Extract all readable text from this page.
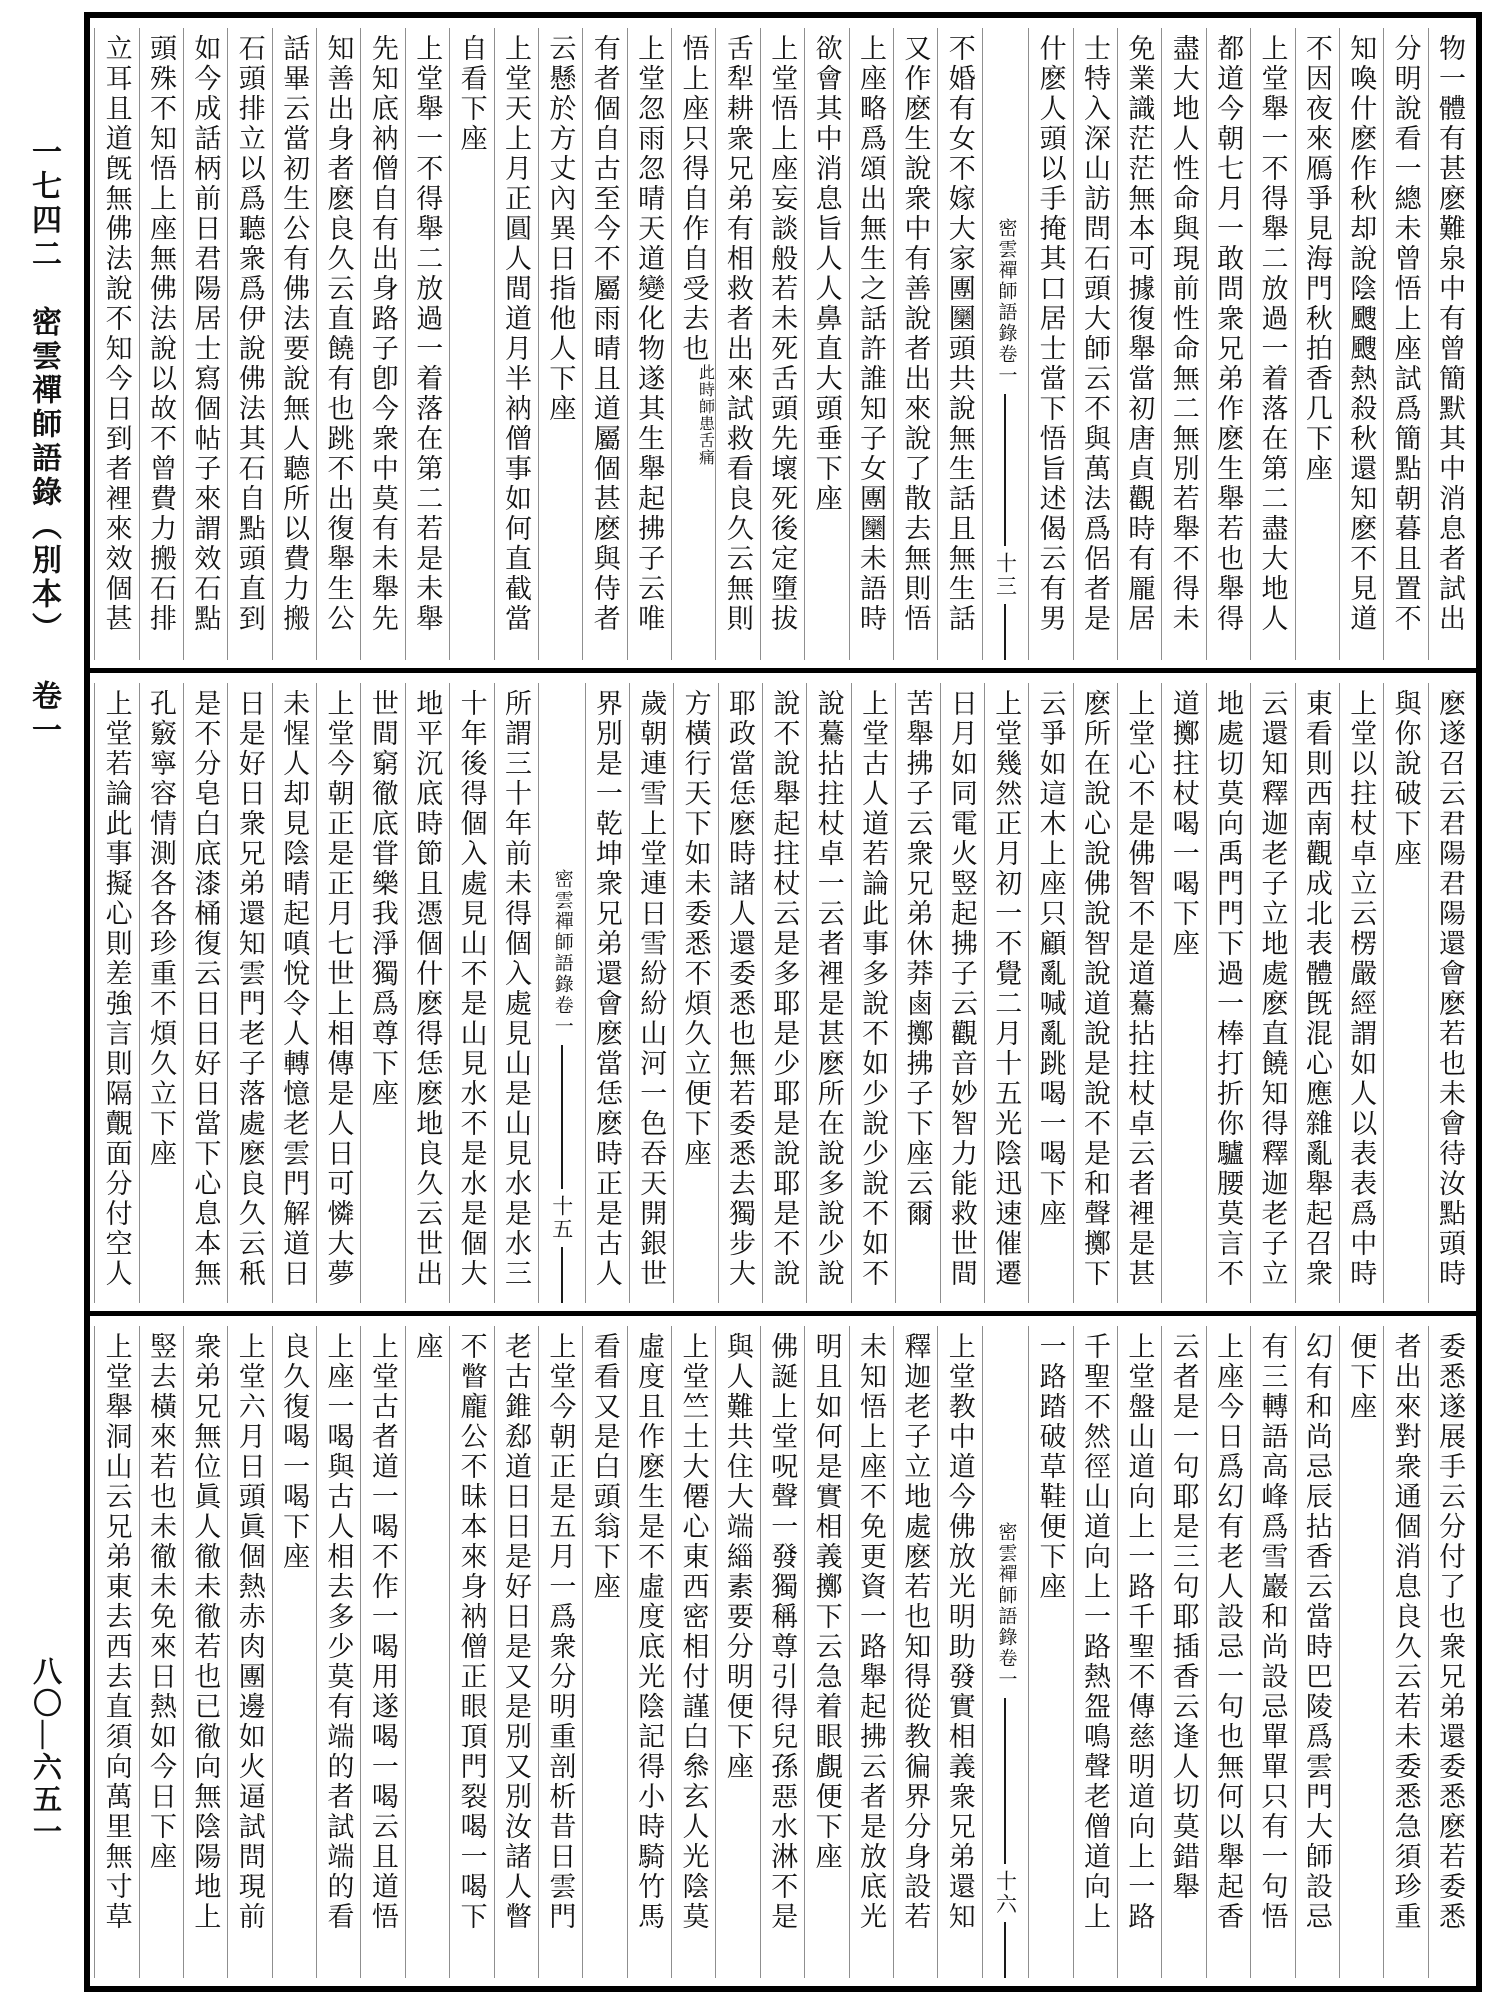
一七四二密雲禪師語錄（別本）卷一
八〇—六五一
物一體有甚麽難泉中有曾簡默其中消息者試出
分明說看一總未曾悟上座試爲簡點朝暮且置不
知喚什麽作秋却說陰颼颼熱殺秋還知麽不見道
不因夜來鴈爭見海門秋拍香几下座
上堂舉一不得舉二放過一着落在第二盡大地人
都道今朝七月一敢問衆兄弟作麽生舉若也舉得
盡大地人性命與現前性命無二無別若舉不得未
免業識茫茫無本可據復舉當初唐貞觀時有龎居
士特入深山訪問石頭大師云不與萬法爲侶者是
什麽人頭以手掩其口居士當下悟旨述偈云有男
密雲禪師語錄卷一
十三
不婚有女不嫁大家團圞頭共說無生話且無生話
又作麽生說衆中有善說者出來說了散去無則悟
上座略爲頌出無生之話許誰知子女團圞未語時
欲會其中消息旨人人鼻直大頭垂下座
上堂悟上座妄談般若未死舌頭先壞死後定墮拔
舌犁耕衆兄弟有相救者出來試救看良久云無則
悟上座只得自作自受去也此時師患舌痛
上堂忽雨忽晴天道變化物遂其生舉起拂子云唯
有者個自古至今不屬雨晴且道屬個甚麽與侍者
云懸於方丈內異日指他人下座
上堂天上月正圓人間道月半衲僧事如何直截當
自看下座
上堂舉一不得舉二放過一着落在第二若是未舉
先知底衲僧自有出身路子卽今衆中莫有未舉先
知善出身者麽良久云直饒有也跳不出復舉生公
話畢云當初生公有佛法要說無人聽所以費力搬
石頭排立以爲聽衆爲伊說佛法其石自點頭直到
如今成話柄前日君陽居士寫個帖子來謂效石點
頭殊不知悟上座無佛法說以故不曾費力搬石排
立耳且道旣無佛法說不知今日到者裡來效個甚
麽遂召云君陽君陽還會麽若也未會待汝點頭時
與你說破下座
上堂以拄杖卓立云楞嚴經謂如人以表表爲中時
東看則西南觀成北表體旣混心應雜亂舉起召衆
云還知釋迦老子立地處麽直饒知得釋迦老子立
地處切莫向禹門門下過一棒打折你驢腰莫言不
道擲拄杖喝一喝下座
上堂心不是佛智不是道驀拈拄杖卓云者裡是甚
麽所在說心說佛說智說道說是說不是和聲擲下
云爭如這木上座只顧亂喊亂跳喝一喝下座
上堂幾然正月初一不覺二月十五光陰迅速催遷
日月如同電火竪起拂子云觀音妙智力能救世間
苦舉拂子云衆兄弟休莽鹵擲拂子下座云爾
上堂古人道若論此事多說不如少說少說不如不
說驀拈拄杖卓一云者裡是甚麽所在說多說少說
說不說舉起拄杖云是多耶是少耶是說耶是不說
耶政當恁麽時諸人還委悉也無若委悉去獨步大
方橫行天下如未委悉不煩久立便下座
歲朝連雪上堂連日雪紛紛山河一色吞天開銀世
界別是一乾坤衆兄弟還會麽當恁麽時正是古人
密雲禪師語錄卷一
十五
所謂三十年前未得個入處見山是山見水是水三
十年後得個入處見山不是山見水不是水是個大
地平沉底時節且憑個什麽得恁麽地良久云世出
世間窮徹底甞樂我淨獨爲尊下座
上堂今朝正是正月七世上相傳是人日可憐大夢
未惺人却見陰晴起嗔悅令人轉憶老雲門解道日
日是好日衆兄弟還知雲門老子落處麽良久云秖
是不分皂白底漆桶復云日日好日當下心息本無
孔竅寧容情測各各珍重不煩久立下座
上堂若論此事擬心則差強言則隔覿面分付空人
委悉遂展手云分付了也衆兄弟還委悉麽若委悉
者出來對衆通個消息良久云若未委悉急須珍重
便下座
幻有和尚忌辰拈香云當時巴陵爲雲門大師設忌
有三轉語高峰爲雪巖和尚設忌單單只有一句悟
上座今日爲幻有老人設忌一句也無何以舉起香
云者是一句耶是三句耶插香云逢人切莫錯舉
上堂盤山道向上一路千聖不傳慈明道向上一路
千聖不然徑山道向上一路熱盌鳴聲老僧道向上
一路踏破草鞋便下座
密雲禪師語錄卷一
十六
上堂教中道今佛放光明助發實相義衆兄弟還知
釋迦老子立地處麽若也知得從教徧界分身設若
未知悟上座不免更資一路舉起拂云者是放底光
明且如何是實相義擲下云急着眼覰便下座
佛誕上堂呪聲一發獨稱尊引得兒孫惡水淋不是
與人難共住大端緇素要分明便下座
上堂竺土大僊心東西密相付謹白叅玄人光陰莫
虛度且作麽生是不虛度底光陰記得小時騎竹馬
看看又是白頭翁下座
上堂今朝正是五月一爲衆分明重剖析昔日雲門
老古錐郄道日日是好日是又是別又別汝諸人瞥
不瞥龐公不昧本來身衲僧正眼頂門裂喝一喝下
座
上堂古者道一喝不作一喝用遂喝一喝云且道悟
上座一喝與古人相去多少莫有端的者試端的看
良久復喝一喝下座
上堂六月日頭眞個熱赤肉團邊如火逼試問現前
衆弟兄無位眞人徹未徹若也已徹向無陰陽地上
竪去橫來若也未徹未免來日熱如今日下座
上堂舉洞山云兄弟東去西去直須向萬里無寸草
